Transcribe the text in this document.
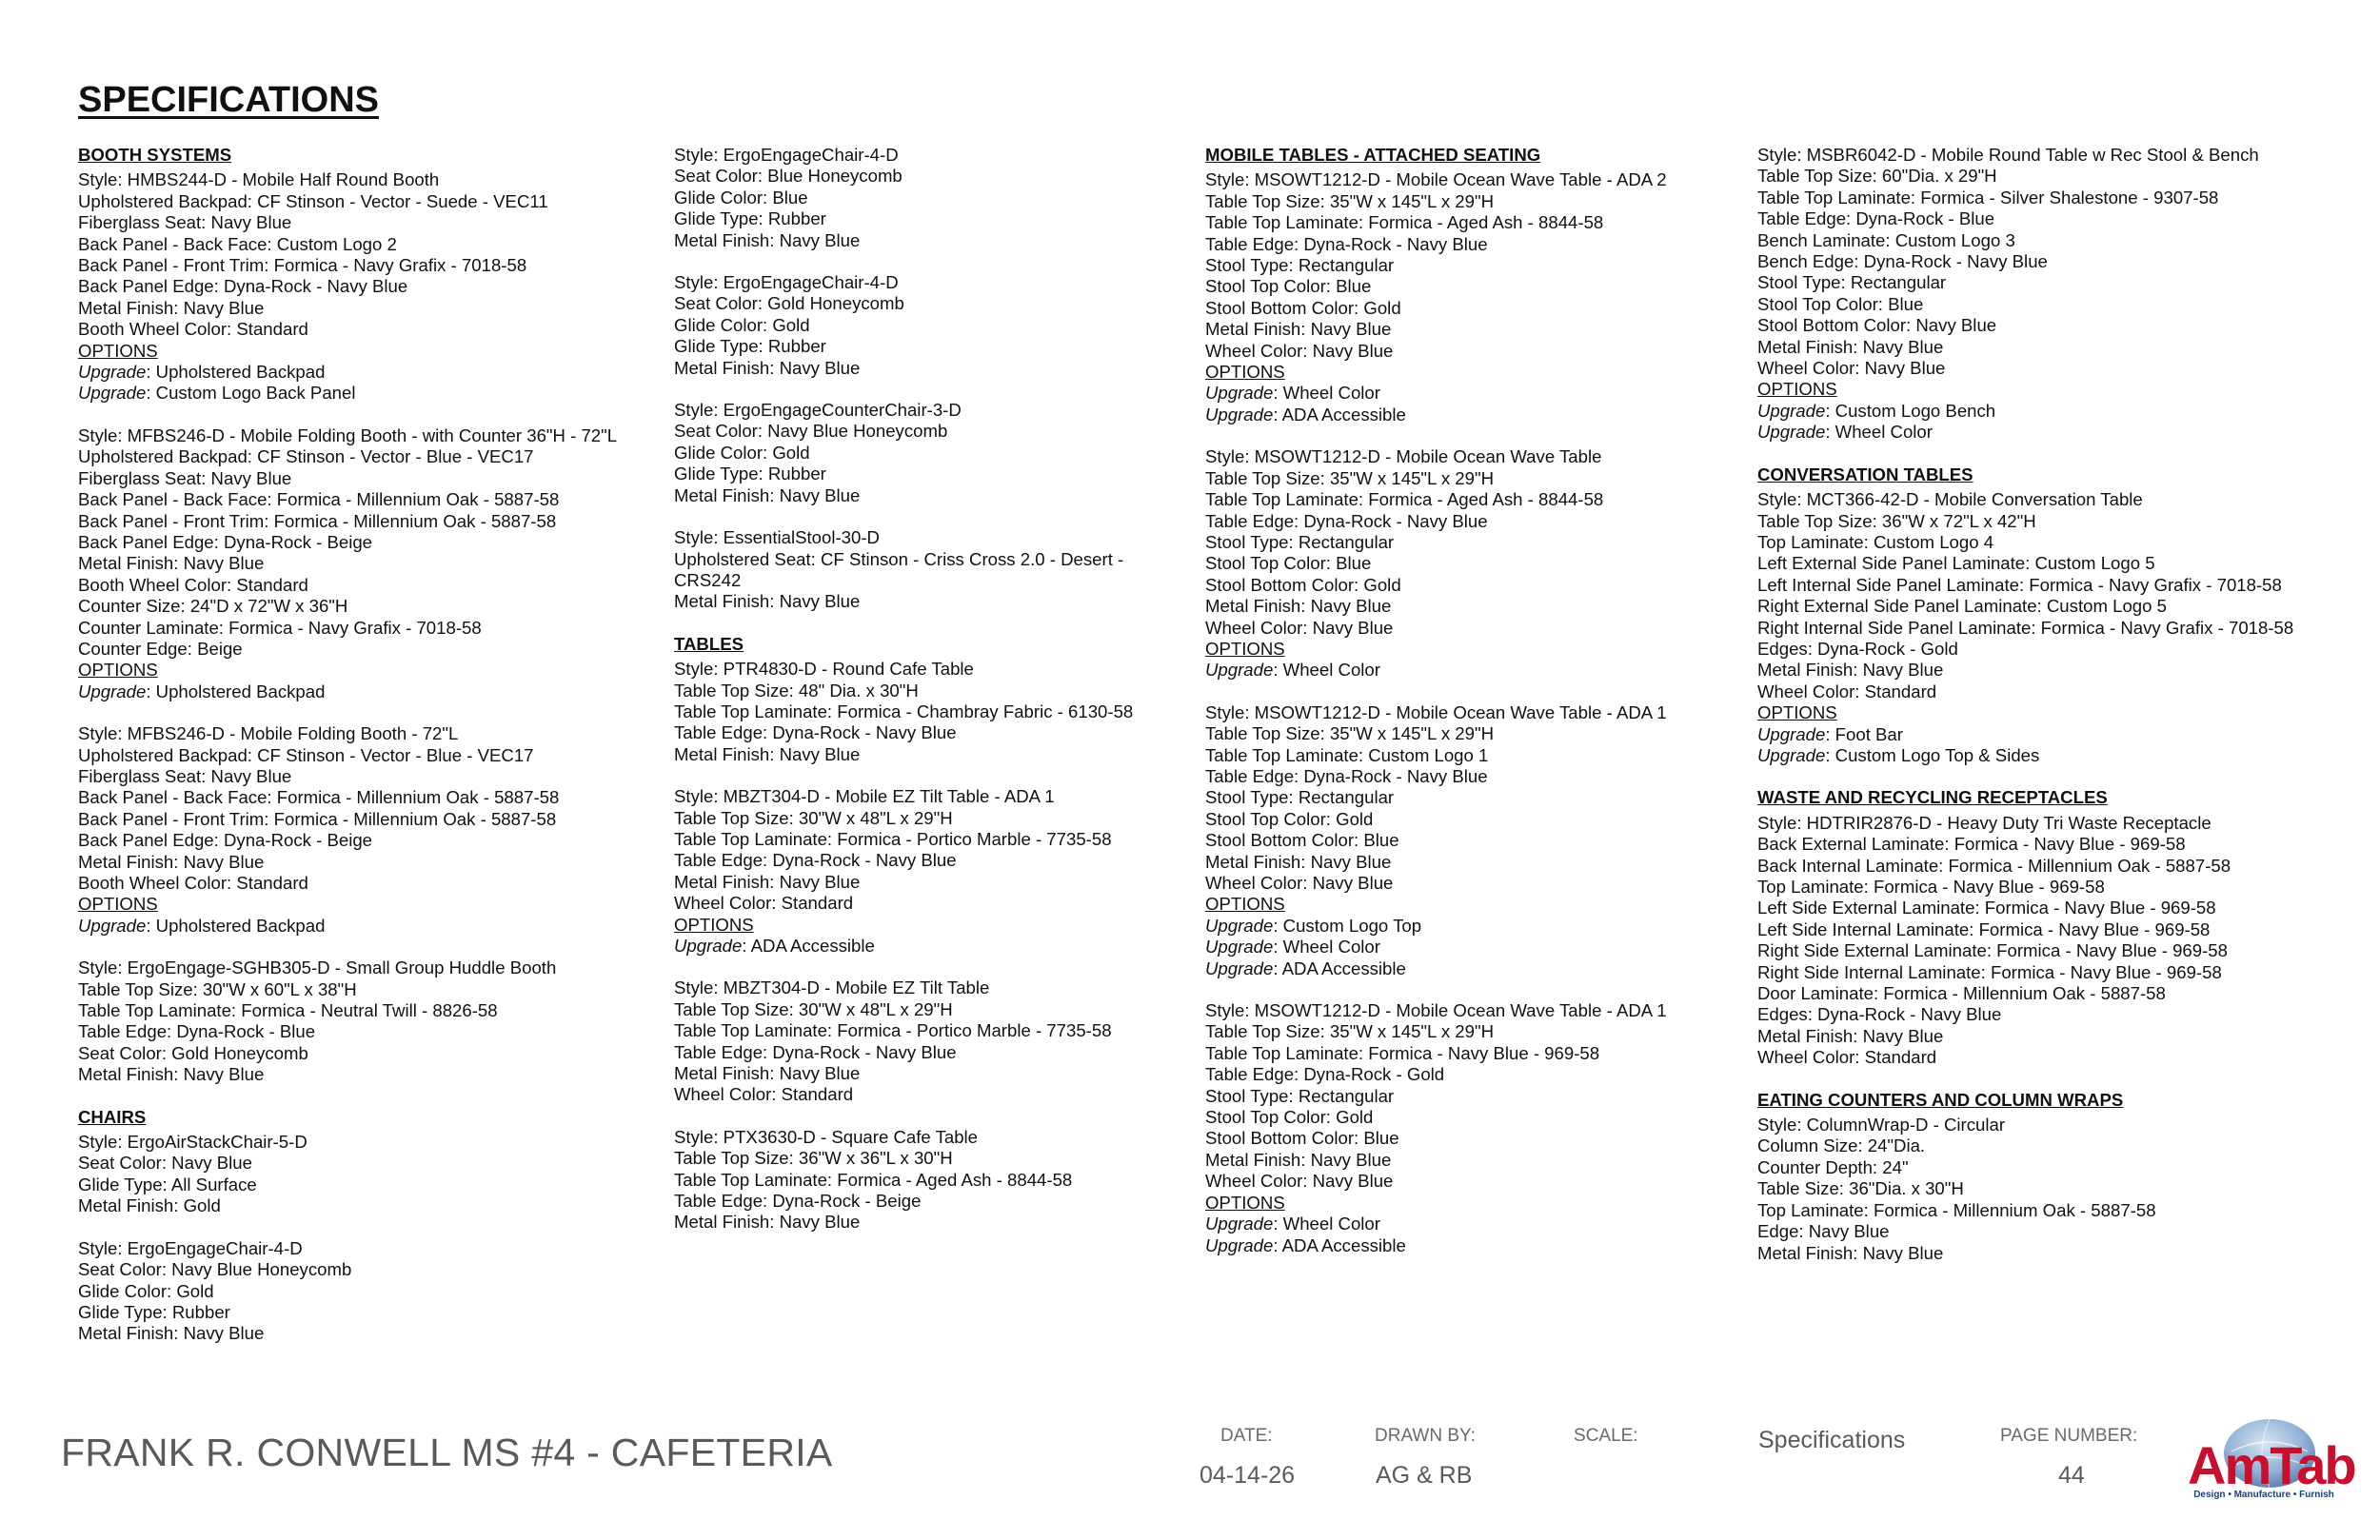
SPECIFICATIONS
BOOTH SYSTEMS
Style: HMBS244-D - Mobile Half Round Booth
Upholstered Backpad: CF Stinson - Vector - Suede - VEC11
Fiberglass Seat: Navy Blue
Back Panel - Back Face: Custom Logo 2
Back Panel - Front Trim: Formica - Navy Grafix - 7018-58
Back Panel Edge: Dyna-Rock - Navy Blue
Metal Finish: Navy Blue
Booth Wheel Color: Standard
OPTIONS
Upgrade: Upholstered Backpad
Upgrade: Custom Logo Back Panel
Style: MFBS246-D - Mobile Folding Booth - with Counter 36"H - 72"L
Upholstered Backpad: CF Stinson - Vector - Blue - VEC17
Fiberglass Seat: Navy Blue
Back Panel - Back Face: Formica - Millennium Oak - 5887-58
Back Panel - Front Trim: Formica - Millennium Oak - 5887-58
Back Panel Edge: Dyna-Rock - Beige
Metal Finish: Navy Blue
Booth Wheel Color: Standard
Counter Size: 24"D x 72"W x 36"H
Counter Laminate: Formica - Navy Grafix - 7018-58
Counter Edge: Beige
OPTIONS
Upgrade: Upholstered Backpad
Style: MFBS246-D - Mobile Folding Booth - 72"L
Upholstered Backpad: CF Stinson - Vector - Blue - VEC17
Fiberglass Seat: Navy Blue
Back Panel - Back Face: Formica - Millennium Oak - 5887-58
Back Panel - Front Trim: Formica - Millennium Oak - 5887-58
Back Panel Edge: Dyna-Rock - Beige
Metal Finish: Navy Blue
Booth Wheel Color: Standard
OPTIONS
Upgrade: Upholstered Backpad
Style: ErgoEngage-SGHB305-D - Small Group Huddle Booth
Table Top Size: 30"W x 60"L x 38"H
Table Top Laminate: Formica - Neutral Twill - 8826-58
Table Edge: Dyna-Rock - Blue
Seat Color: Gold Honeycomb
Metal Finish: Navy Blue
CHAIRS
Style: ErgoAirStackChair-5-D
Seat Color: Navy Blue
Glide Type: All Surface
Metal Finish: Gold
Style: ErgoEngageChair-4-D
Seat Color: Navy Blue Honeycomb
Glide Color: Gold
Glide Type: Rubber
Metal Finish: Navy Blue
Style: ErgoEngageChair-4-D
Seat Color: Blue Honeycomb
Glide Color: Blue
Glide Type: Rubber
Metal Finish: Navy Blue
Style: ErgoEngageChair-4-D
Seat Color: Gold Honeycomb
Glide Color: Gold
Glide Type: Rubber
Metal Finish: Navy Blue
Style: ErgoEngageCounterChair-3-D
Seat Color: Navy Blue Honeycomb
Glide Color: Gold
Glide Type: Rubber
Metal Finish: Navy Blue
Style: EssentialStool-30-D
Upholstered Seat: CF Stinson - Criss Cross 2.0 - Desert -
CRS242
Metal Finish: Navy Blue
TABLES
Style: PTR4830-D - Round Cafe Table
Table Top Size: 48" Dia. x 30"H
Table Top Laminate: Formica - Chambray Fabric - 6130-58
Table Edge: Dyna-Rock - Navy Blue
Metal Finish: Navy Blue
Style: MBZT304-D - Mobile EZ Tilt Table - ADA 1
Table Top Size: 30"W x 48"L x 29"H
Table Top Laminate: Formica - Portico Marble - 7735-58
Table Edge: Dyna-Rock - Navy Blue
Metal Finish: Navy Blue
Wheel Color: Standard
OPTIONS
Upgrade: ADA Accessible
Style: MBZT304-D - Mobile EZ Tilt Table
Table Top Size: 30"W x 48"L x 29"H
Table Top Laminate: Formica - Portico Marble - 7735-58
Table Edge: Dyna-Rock - Navy Blue
Metal Finish: Navy Blue
Wheel Color: Standard
Style: PTX3630-D - Square Cafe Table
Table Top Size: 36"W x 36"L x 30"H
Table Top Laminate: Formica - Aged Ash - 8844-58
Table Edge: Dyna-Rock - Beige
Metal Finish: Navy Blue
MOBILE TABLES - ATTACHED SEATING
Style: MSOWT1212-D - Mobile Ocean Wave Table - ADA 2
Table Top Size: 35"W x 145"L x 29"H
Table Top Laminate: Formica - Aged Ash - 8844-58
Table Edge: Dyna-Rock - Navy Blue
Stool Type: Rectangular
Stool Top Color: Blue
Stool Bottom Color: Gold
Metal Finish: Navy Blue
Wheel Color: Navy Blue
OPTIONS
Upgrade: Wheel Color
Upgrade: ADA Accessible
Style: MSOWT1212-D - Mobile Ocean Wave Table
Table Top Size: 35"W x 145"L x 29"H
Table Top Laminate: Formica - Aged Ash - 8844-58
Table Edge: Dyna-Rock - Navy Blue
Stool Type: Rectangular
Stool Top Color: Blue
Stool Bottom Color: Gold
Metal Finish: Navy Blue
Wheel Color: Navy Blue
OPTIONS
Upgrade: Wheel Color
Style: MSOWT1212-D - Mobile Ocean Wave Table - ADA 1
Table Top Size: 35"W x 145"L x 29"H
Table Top Laminate: Custom Logo 1
Table Edge: Dyna-Rock - Navy Blue
Stool Type: Rectangular
Stool Top Color: Gold
Stool Bottom Color: Blue
Metal Finish: Navy Blue
Wheel Color: Navy Blue
OPTIONS
Upgrade: Custom Logo Top
Upgrade: Wheel Color
Upgrade: ADA Accessible
Style: MSOWT1212-D - Mobile Ocean Wave Table - ADA 1
Table Top Size: 35"W x 145"L x 29"H
Table Top Laminate: Formica - Navy Blue - 969-58
Table Edge: Dyna-Rock - Gold
Stool Type: Rectangular
Stool Top Color: Gold
Stool Bottom Color: Blue
Metal Finish: Navy Blue
Wheel Color: Navy Blue
OPTIONS
Upgrade: Wheel Color
Upgrade: ADA Accessible
Style: MSBR6042-D - Mobile Round Table w Rec Stool & Bench
Table Top Size: 60"Dia. x 29"H
Table Top Laminate: Formica - Silver Shalestone - 9307-58
Table Edge: Dyna-Rock - Blue
Bench Laminate: Custom Logo 3
Bench Edge: Dyna-Rock - Navy Blue
Stool Type: Rectangular
Stool Top Color: Blue
Stool Bottom Color: Navy Blue
Metal Finish: Navy Blue
Wheel Color: Navy Blue
OPTIONS
Upgrade: Custom Logo Bench
Upgrade: Wheel Color
CONVERSATION TABLES
Style: MCT366-42-D - Mobile Conversation Table
Table Top Size: 36"W x 72"L x 42"H
Top Laminate: Custom Logo 4
Left External Side Panel Laminate: Custom Logo 5
Left Internal Side Panel Laminate: Formica - Navy Grafix - 7018-58
Right External Side Panel Laminate: Custom Logo 5
Right Internal Side Panel Laminate: Formica - Navy Grafix - 7018-58
Edges: Dyna-Rock - Gold
Metal Finish: Navy Blue
Wheel Color: Standard
OPTIONS
Upgrade: Foot Bar
Upgrade: Custom Logo Top & Sides
WASTE AND RECYCLING RECEPTACLES
Style: HDTRIR2876-D - Heavy Duty Tri Waste Receptacle
Back External Laminate: Formica - Navy Blue - 969-58
Back Internal Laminate: Formica - Millennium Oak - 5887-58
Top Laminate: Formica - Navy Blue - 969-58
Left Side External Laminate: Formica - Navy Blue - 969-58
Left Side Internal Laminate: Formica - Navy Blue - 969-58
Right Side External Laminate: Formica - Navy Blue - 969-58
Right Side Internal Laminate: Formica - Navy Blue - 969-58
Door Laminate: Formica - Millennium Oak - 5887-58
Edges: Dyna-Rock - Navy Blue
Metal Finish: Navy Blue
Wheel Color: Standard
EATING COUNTERS AND COLUMN WRAPS
Style: ColumnWrap-D - Circular
Column Size: 24"Dia.
Counter Depth: 24"
Table Size: 36"Dia. x 30"H
Top Laminate: Formica - Millennium Oak - 5887-58
Edge: Navy Blue
Metal Finish: Navy Blue
FRANK R. CONWELL MS #4 - CAFETERIA	DATE:
04-14-26
DRAWN BY:
AG & RB
SCALE:	Specifications	PAGE NUMBER:
44 AmTab
Design • Manufacture • Furnish
